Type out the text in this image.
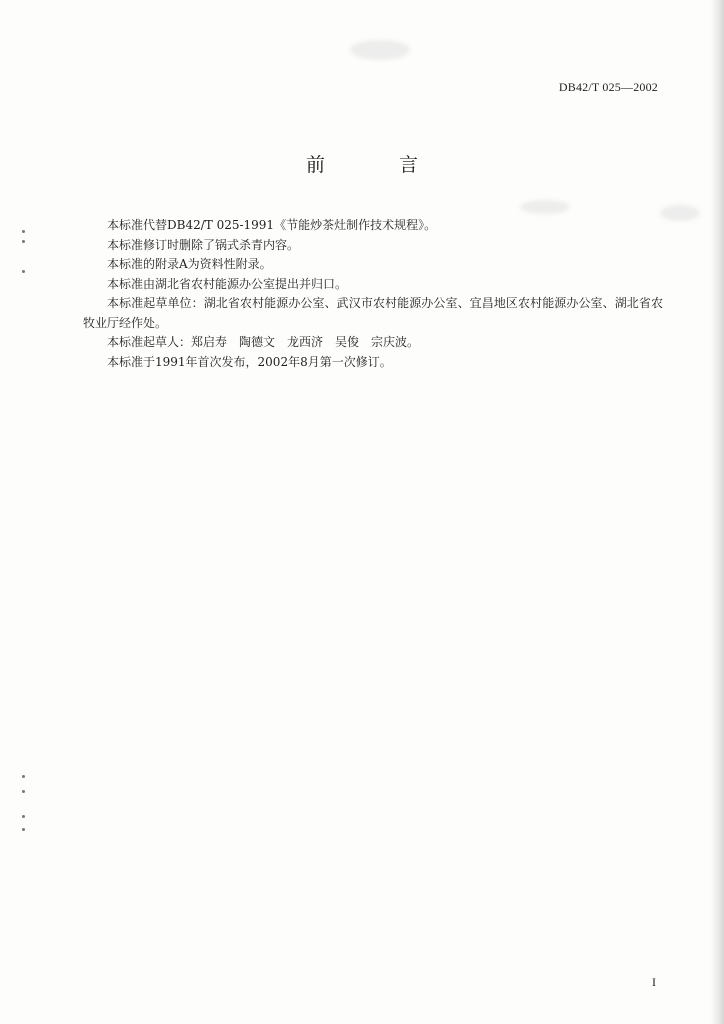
DB42/T 025—2002
前 言

本标准代替DB42/T 025-1991《节能炒茶灶制作技术规程》。

本标准修订时删除了锅式杀青内容。

本标准的附录A为资料性附录。

本标准由湖北省农村能源办公室提出并归口。

本标准起草单位：湖北省农村能源办公室、武汉市农村能源办公室、宜昌地区农村能源办公室、湖北省农牧业厅经作处。

本标准起草人：郑启寿　陶德文　龙西济　吴俊　宗庆波。

本标准于1991年首次发布，2002年8月第一次修订。

I
